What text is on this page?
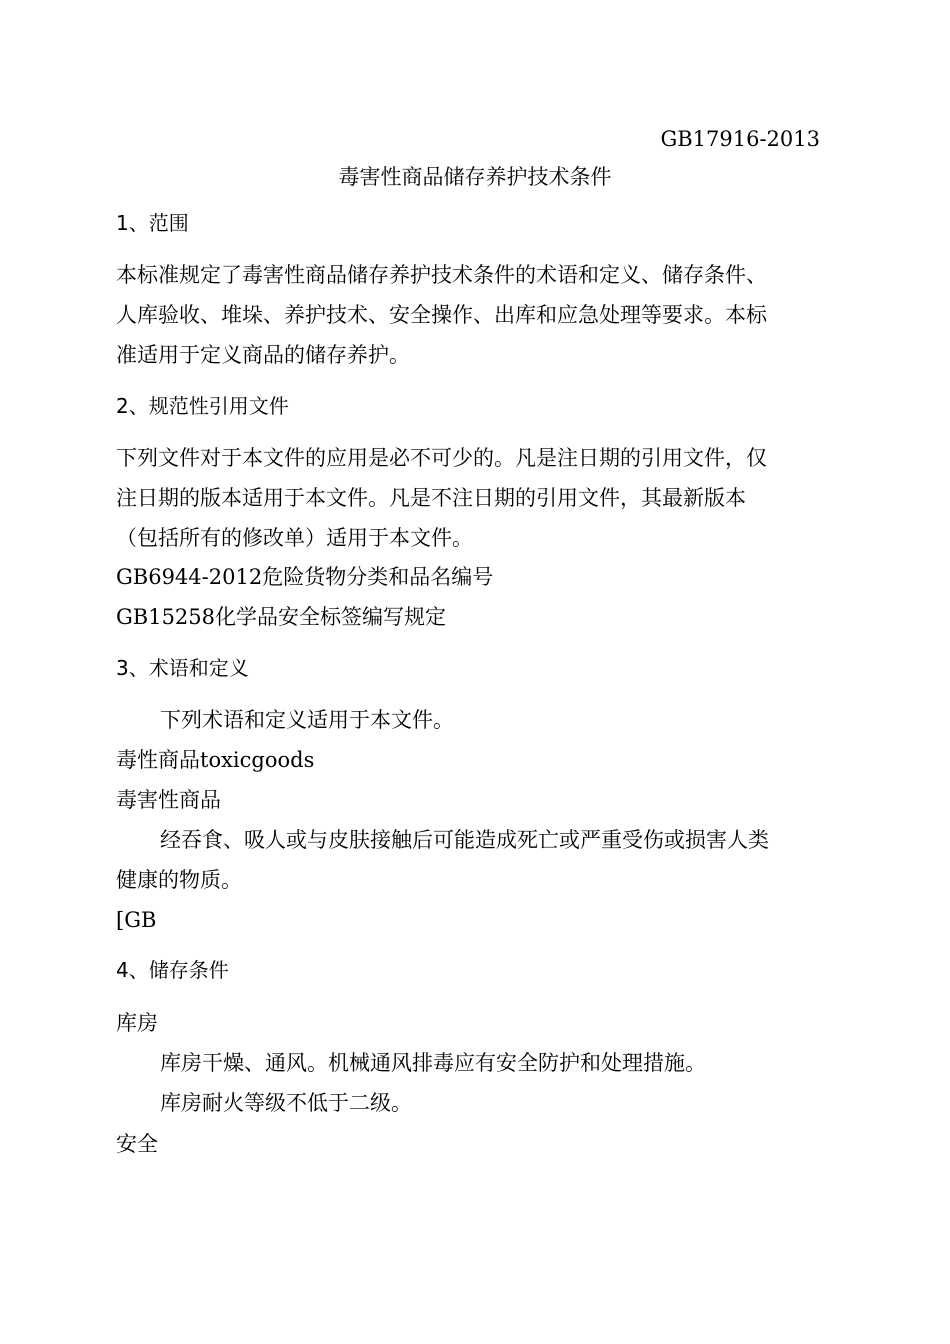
GB17916-2013
毒害性商品储存养护技术条件
1、范围
本标准规定了毒害性商品储存养护技术条件的术语和定义、储存条件、
人库验收、堆垛、养护技术、安全操作、出库和应急处理等要求。本标
准适用于定义商品的储存养护。
2、规范性引用文件
下列文件对于本文件的应用是必不可少的。凡是注日期的引用文件，仅
注日期的版本适用于本文件。凡是不注日期的引用文件，其最新版本
（包括所有的修改单）适用于本文件。
GB6944-2012危险货物分类和品名编号
GB15258化学品安全标签编写规定
3、术语和定义
下列术语和定义适用于本文件。
毒性商品toxicgoods
毒害性商品
经吞食、吸人或与皮肤接触后可能造成死亡或严重受伤或损害人类
健康的物质。
[GB
4、储存条件
库房
库房干燥、通风。机械通风排毒应有安全防护和处理措施。
库房耐火等级不低于二级。
安全
